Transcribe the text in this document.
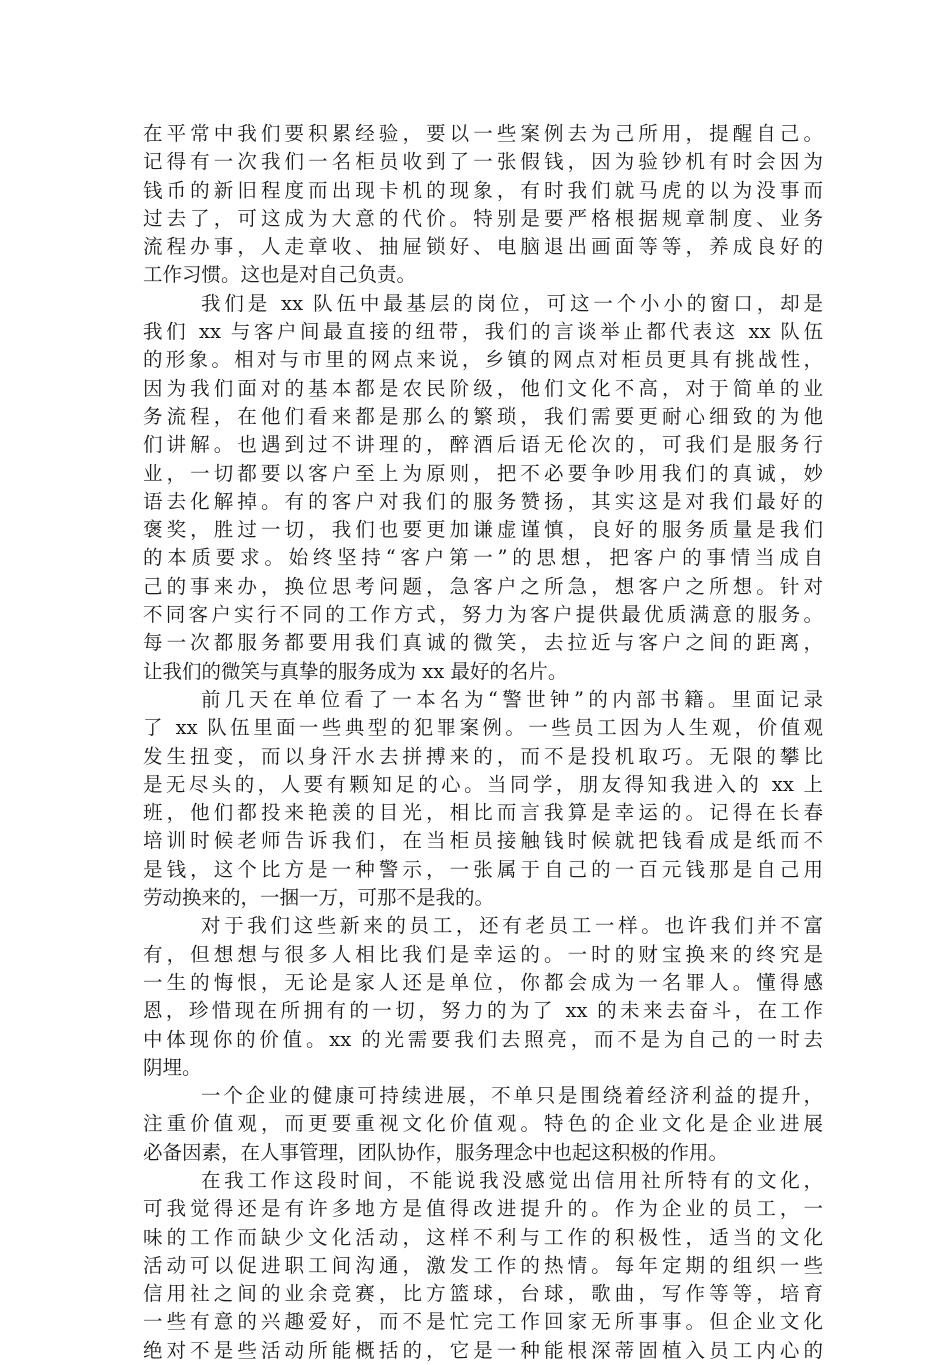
在平常中我们要积累经验，要以一些案例去为己所用，提醒自己。
记得有一次我们一名柜员收到了一张假钱，因为验钞机有时会因为
钱币的新旧程度而出现卡机的现象，有时我们就马虎的以为没事而
过去了，可这成为大意的代价。特别是要严格根据规章制度、业务
流程办事，人走章收、抽屉锁好、电脑退出画面等等，养成良好的
工作习惯。这也是对自己负责。
我们是 xx 队伍中最基层的岗位，可这一个小小的窗口，却是
我们 xx 与客户间最直接的纽带，我们的言谈举止都代表这 xx 队伍
的形象。相对与市里的网点来说，乡镇的网点对柜员更具有挑战性，
因为我们面对的基本都是农民阶级，他们文化不高，对于简单的业
务流程，在他们看来都是那么的繁琐，我们需要更耐心细致的为他
们讲解。也遇到过不讲理的，醉酒后语无伦次的，可我们是服务行
业，一切都要以客户至上为原则，把不必要争吵用我们的真诚，妙
语去化解掉。有的客户对我们的服务赞扬，其实这是对我们最好的
褒奖，胜过一切，我们也要更加谦虚谨慎，良好的服务质量是我们
的本质要求。始终坚持“客户第一”的思想，把客户的事情当成自
己的事来办，换位思考问题，急客户之所急，想客户之所想。针对
不同客户实行不同的工作方式，努力为客户提供最优质满意的服务。
每一次都服务都要用我们真诚的微笑，去拉近与客户之间的距离，
让我们的微笑与真挚的服务成为 xx 最好的名片。
前几天在单位看了一本名为“警世钟”的内部书籍。里面记录
了 xx 队伍里面一些典型的犯罪案例。一些员工因为人生观，价值观
发生扭变，而以身汗水去拼搏来的，而不是投机取巧。无限的攀比
是无尽头的，人要有颗知足的心。当同学，朋友得知我进入的 xx 上
班，他们都投来艳羡的目光，相比而言我算是幸运的。记得在长春
培训时候老师告诉我们，在当柜员接触钱时候就把钱看成是纸而不
是钱，这个比方是一种警示，一张属于自己的一百元钱那是自己用
劳动换来的，一捆一万，可那不是我的。
对于我们这些新来的员工，还有老员工一样。也许我们并不富
有，但想想与很多人相比我们是幸运的。一时的财宝换来的终究是
一生的悔恨，无论是家人还是单位，你都会成为一名罪人。懂得感
恩，珍惜现在所拥有的一切，努力的为了 xx 的未来去奋斗，在工作
中体现你的价值。xx 的光需要我们去照亮，而不是为自己的一时去
阴埋。
一个企业的健康可持续进展，不单只是围绕着经济利益的提升，
注重价值观，而更要重视文化价值观。特色的企业文化是企业进展
必备因素，在人事管理，团队协作，服务理念中也起这积极的作用。
在我工作这段时间，不能说我没感觉出信用社所特有的文化，
可我觉得还是有许多地方是值得改进提升的。作为企业的员工，一
味的工作而缺少文化活动，这样不利与工作的积极性，适当的文化
活动可以促进职工间沟通，激发工作的热情。每年定期的组织一些
信用社之间的业余竞赛，比方篮球，台球，歌曲，写作等等，培育
一些有意的兴趣爱好，而不是忙完工作回家无所事事。但企业文化
绝对不是些活动所能概括的，它是一种能根深蒂固植入员工内心的
